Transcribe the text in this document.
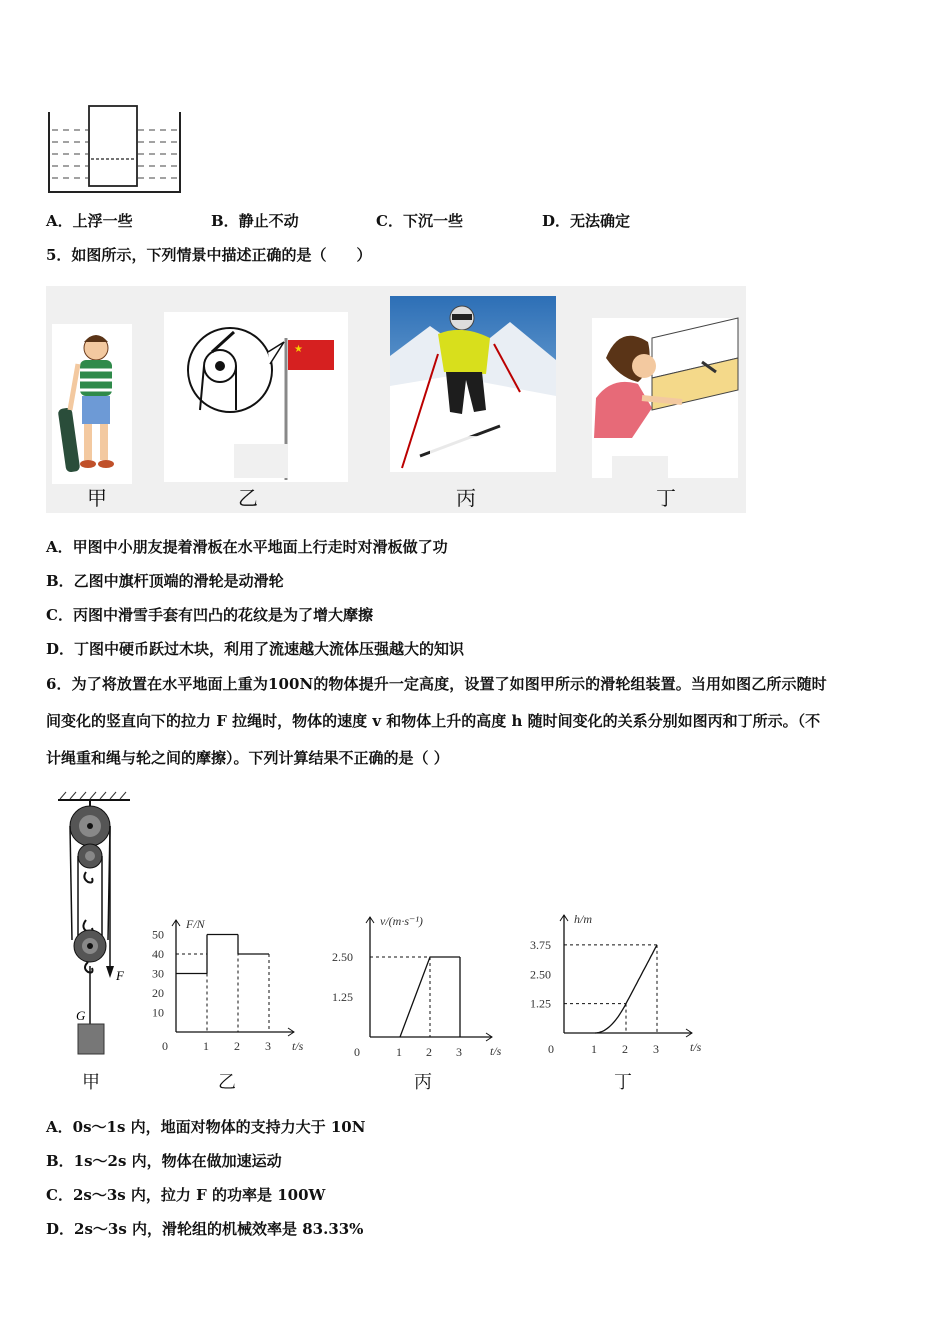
A．上浮一些	B．静止不动	C．下沉一些	D．无法确定
5．如图所示，下列情景中描述正确的是（　　）
甲
★
乙	丙	丁
A．甲图中小朋友提着滑板在水平地面上行走时对滑板做了功
B．乙图中旗杆顶端的滑轮是动滑轮
C．丙图中滑雪手套有凹凸的花纹是为了增大摩擦
D．丁图中硬币跃过木块，利用了流速越大流体压强越大的知识
6．为了将放置在水平地面上重为100N的物体提升一定高度，设置了如图甲所示的滑轮组装置。当用如图乙所示随时
间变化的竖直向下的拉力 F 拉绳时，物体的速度 v 和物体上升的高度 h 随时间变化的关系分别如图丙和丁所示。（不
计绳重和绳与轮之间的摩擦）。下列计算结果不正确的是（ ）
F
G
甲
F/N
t/s
0	1 2 3
10
20
30
40
50
乙
v/(m·s⁻¹)
t/s
0	1 2 3
1.25
2.50
丙
h/m
t/s
0	1 2 3
1.25
2.50
3.75
丁
A．0s～1s 内，地面对物体的支持力大于 10N
B．1s～2s 内，物体在做加速运动
C．2s～3s 内，拉力 F 的功率是 100W
D．2s～3s 内，滑轮组的机械效率是 83.33%
